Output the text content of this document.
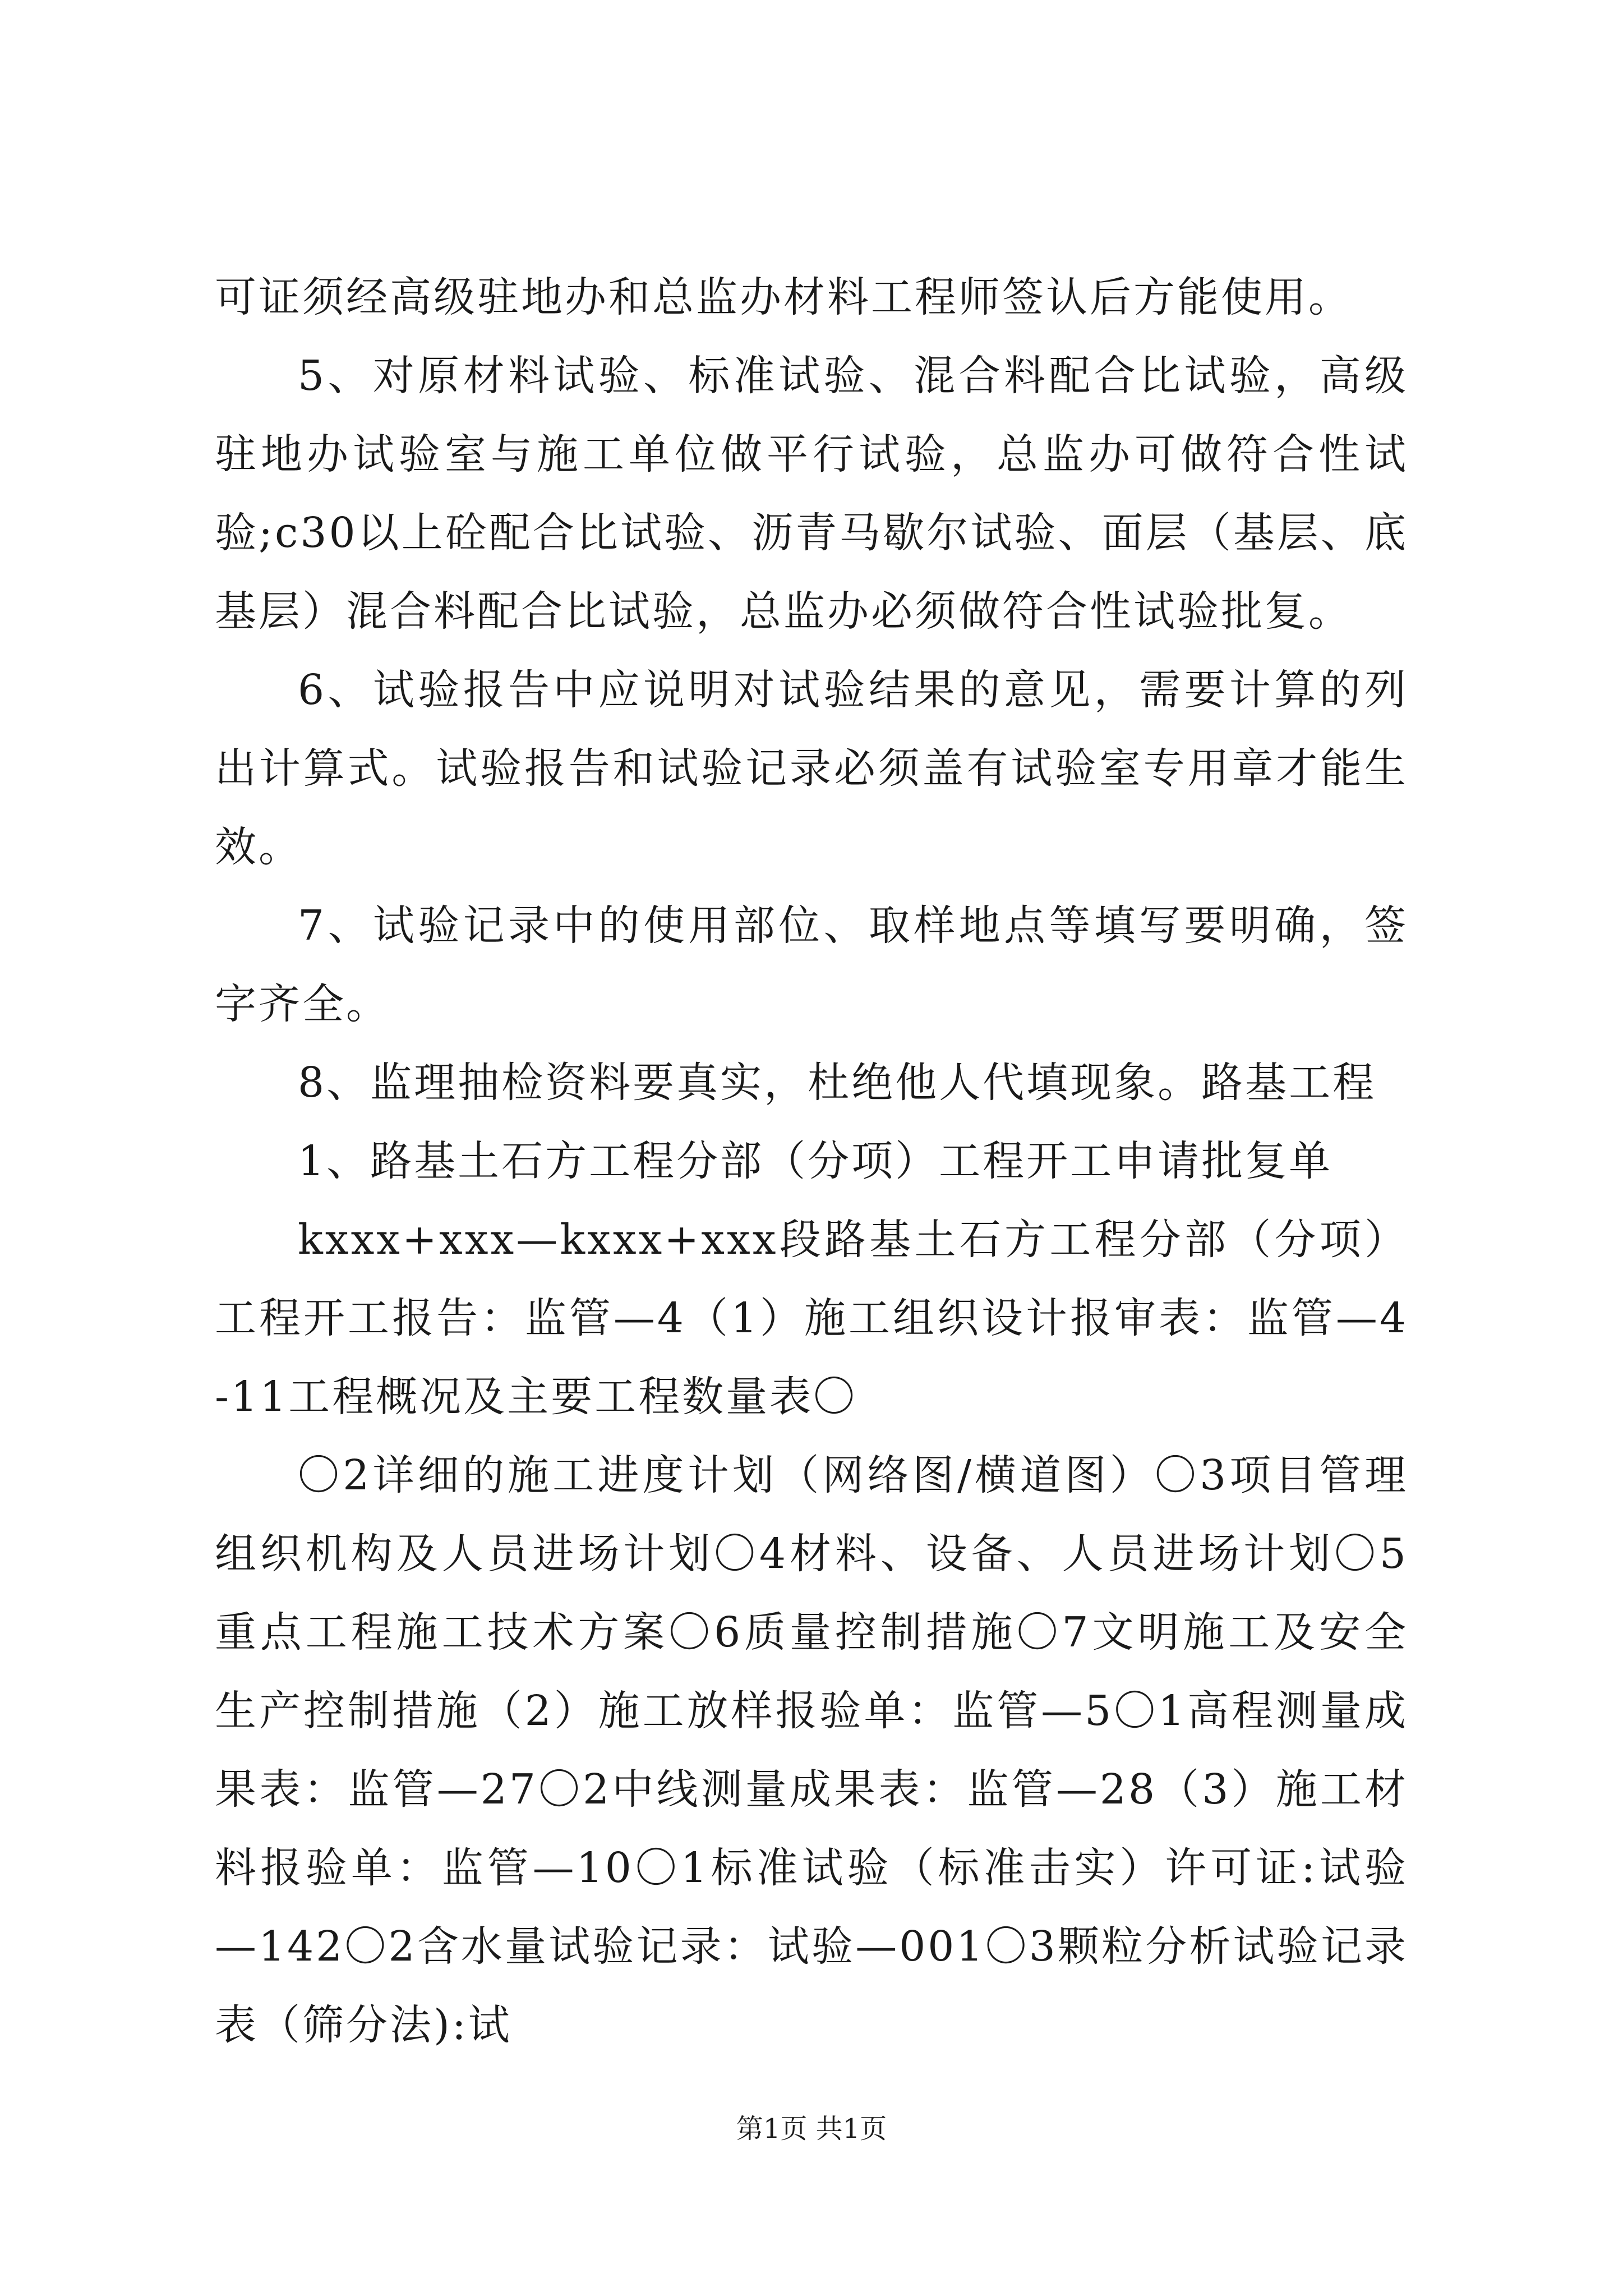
可证须经高级驻地办和总监办材料工程师签认后方能使用。

5、对原材料试验、标准试验、混合料配合比试验，高级驻地办试验室与施工单位做平行试验，总监办可做符合性试验;c30以上砼配合比试验、沥青马歇尔试验、面层（基层、底基层）混合料配合比试验，总监办必须做符合性试验批复。

6、试验报告中应说明对试验结果的意见，需要计算的列出计算式。试验报告和试验记录必须盖有试验室专用章才能生效。

7、试验记录中的使用部位、取样地点等填写要明确，签字齐全。

8、监理抽检资料要真实，杜绝他人代填现象。路基工程

1、路基土石方工程分部（分项）工程开工申请批复单

kxxx+xxx—kxxx+xxx段路基土石方工程分部（分项）工程开工报告：监管—4（1）施工组织设计报审表：监管—4-11工程概况及主要工程数量表〇

〇2详细的施工进度计划（网络图/横道图）〇3项目管理组织机构及人员进场计划〇4材料、设备、人员进场计划〇5重点工程施工技术方案〇6质量控制措施〇7文明施工及安全生产控制措施（2）施工放样报验单：监管—5〇1高程测量成果表：监管—27〇2中线测量成果表：监管—28（3）施工材料报验单：监管—10〇1标准试验（标准击实）许可证:试验—142〇2含水量试验记录：试验—001〇3颗粒分析试验记录表（筛分法):试

第1页 共1页
